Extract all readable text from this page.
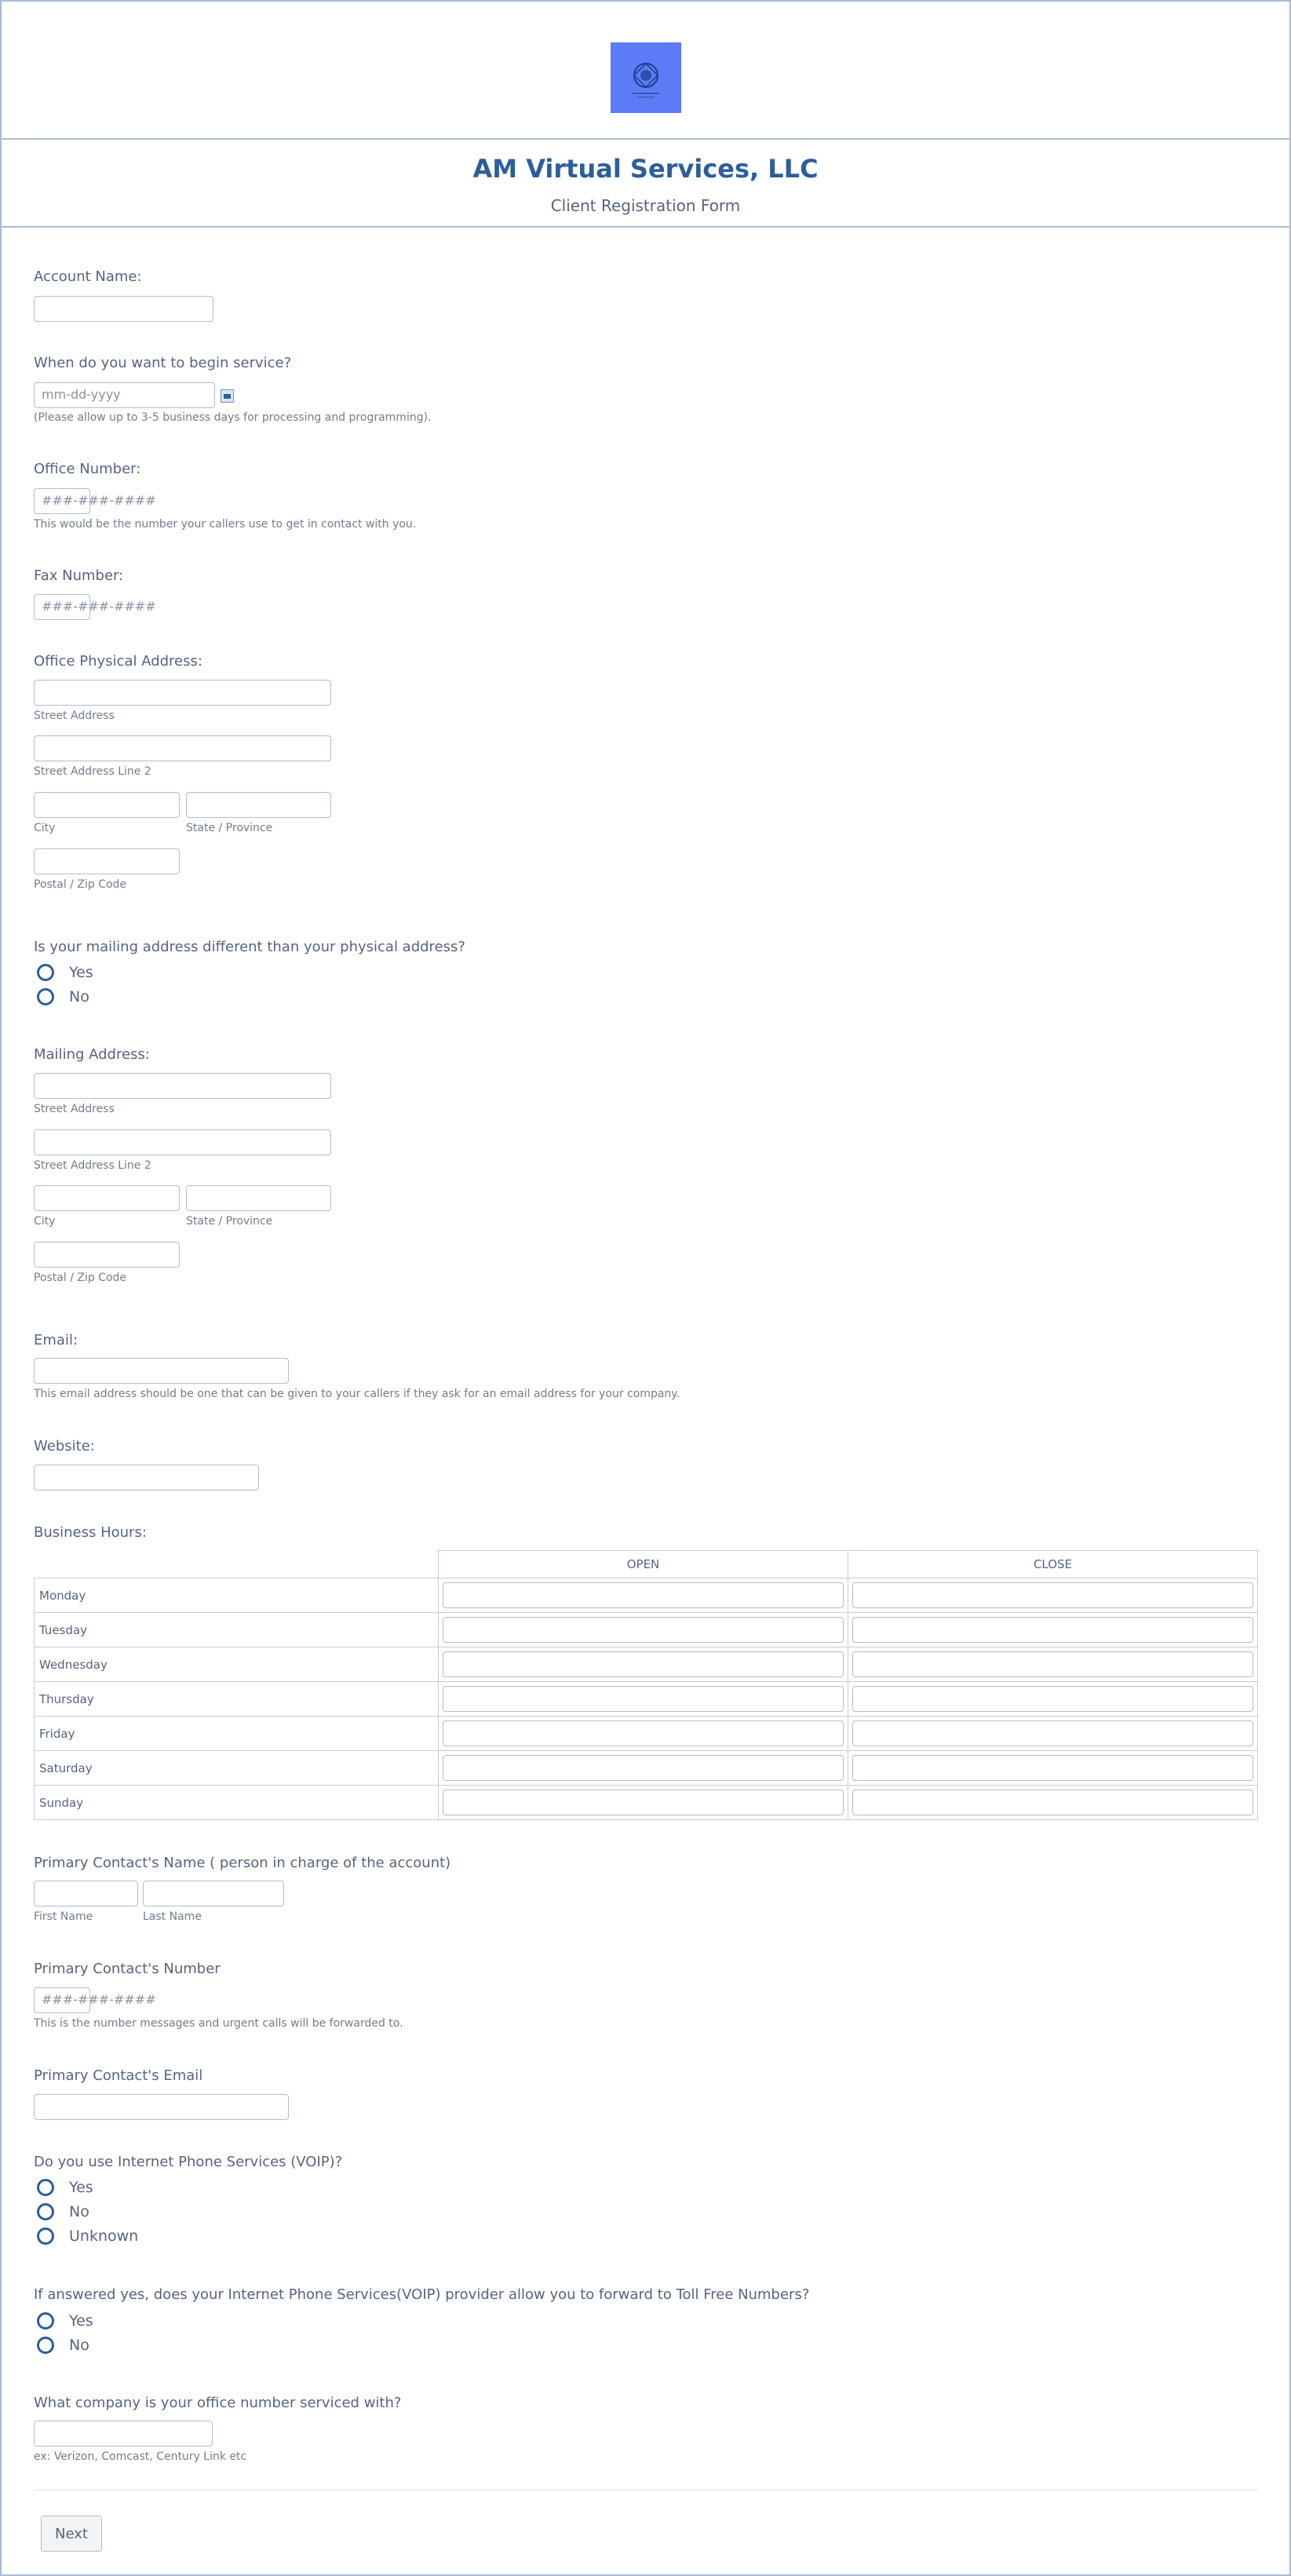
AM Virtual Services, LLC
Client Registration Form
Account Name:
When do you want to begin service?
mm-dd-yyyy
(Please allow up to 3-5 business days for processing and programming).
Office Number:
###-###-####
This would be the number your callers use to get in contact with you.
Fax Number:
###-###-####
Office Physical Address:
Street Address
Street Address Line 2
City	State / Province
Postal / Zip Code
Is your mailing address different than your physical address?
Yes
No
Mailing Address:
Street Address
Street Address Line 2
City	State / Province
Postal / Zip Code
Email:
This email address should be one that can be given to your callers if they ask for an email address for your company.
Website:
Business Hours:
	OPEN	CLOSE
Monday	

Tuesday	

Wednesday	

Thursday	

Friday	

Saturday	

Sunday	

Primary Contact's Name ( person in charge of the account)
First Name	Last Name
Primary Contact's Number
###-###-####
This is the number messages and urgent calls will be forwarded to.
Primary Contact's Email
Do you use Internet Phone Services (VOIP)?
Yes
No
Unknown
If answered yes, does your Internet Phone Services(VOIP) provider allow you to forward to Toll Free Numbers?
Yes
No
What company is your office number serviced with?
ex: Verizon, Comcast, Century Link etc
Next
